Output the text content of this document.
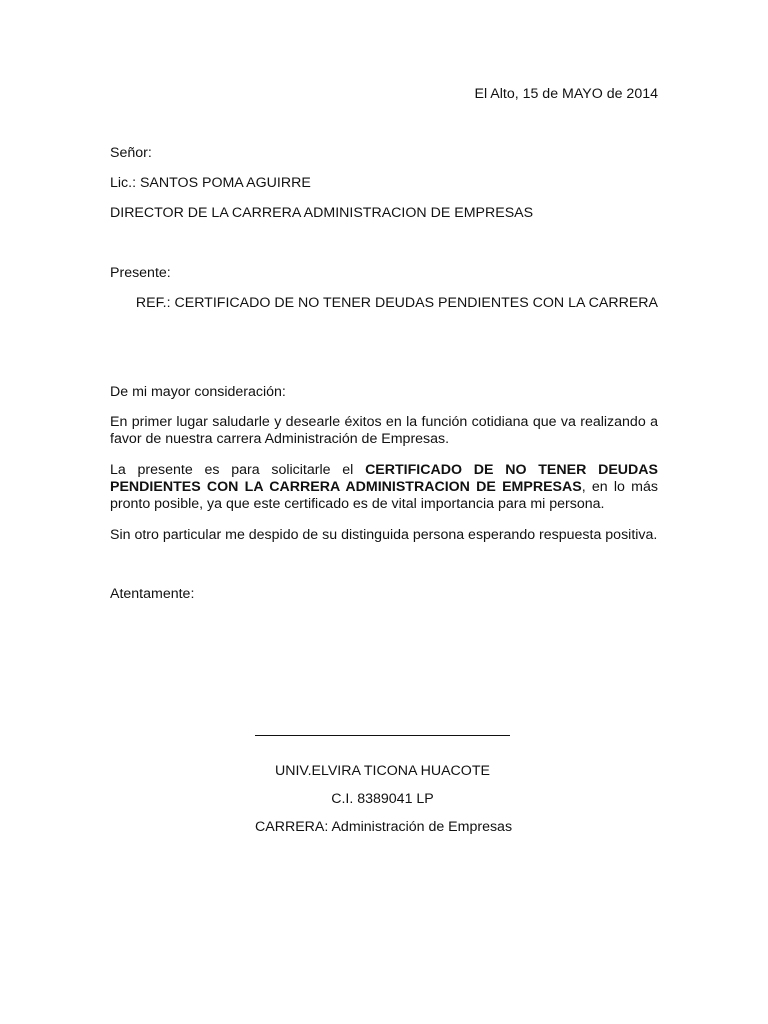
El Alto, 15 de MAYO de 2014
Señor:
Lic.: SANTOS POMA AGUIRRE
DIRECTOR DE LA CARRERA ADMINISTRACION DE EMPRESAS
Presente:
REF.: CERTIFICADO DE NO TENER DEUDAS PENDIENTES CON LA CARRERA
De mi mayor consideración:
En primer lugar saludarle y desearle éxitos en la función cotidiana que va realizando a favor de nuestra carrera Administración de Empresas.
La presente es para solicitarle el CERTIFICADO DE NO TENER DEUDAS PENDIENTES CON LA CARRERA ADMINISTRACION DE EMPRESAS, en lo más pronto posible, ya que este certificado es de vital importancia para mi persona.
Sin otro particular me despido de su distinguida persona esperando respuesta positiva.
Atentamente:
UNIV.ELVIRA TICONA HUACOTE
C.I. 8389041 LP
CARRERA: Administración de Empresas
